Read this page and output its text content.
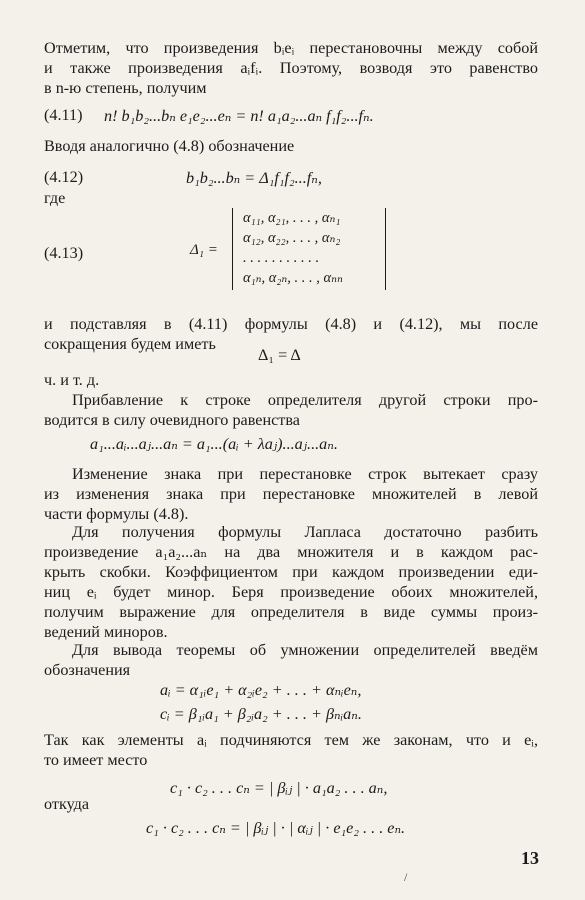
Отметим, что произведения bᵢeᵢ перестановочны между собой
и также произведения aᵢfᵢ. Поэтому, возводя это равенство
в n-ю степень, получим
(4.11) n! b₁b₂...bₙ e₁e₂...eₙ = n! a₁a₂...aₙ f₁f₂...fₙ.
Вводя аналогично (4.8) обозначение
(4.12)	b₁b₂...bₙ = Δ₁f₁f₂...fₙ,
где
(4.13)	Δ₁ =
α₁₁, α₂₁, . . . , αₙ₁
α₁₂, α₂₂, . . . , αₙ₂
. . . . . . . . . . .
α₁ₙ, α₂ₙ, . . . , αₙₙ
и подставляя в (4.11) формулы (4.8) и (4.12), мы после
сокращения будем иметь
Δ₁ = Δ
ч. и т. д.
Прибавление к строке определителя другой строки про-
водится в силу очевидного равенства
a₁...aᵢ...aⱼ...aₙ = a₁...(aᵢ + λaⱼ)...aⱼ...aₙ.
Изменение знака при перестановке строк вытекает сразу
из изменения знака при перестановке множителей в левой
части формулы (4.8).
Для получения формулы Лапласа достаточно разбить
произведение a₁a₂...aₙ на два множителя и в каждом рас-
крыть скобки. Коэффициентом при каждом произведении еди-
ниц eᵢ будет минор. Беря произведение обоих множителей,
получим выражение для определителя в виде суммы произ-
ведений миноров.
Для вывода теоремы об умножении определителей введём
обозначения
aᵢ = α₁ᵢe₁ + α₂ᵢe₂ + . . . + αₙᵢeₙ,
cᵢ = β₁ᵢa₁ + β₂ᵢa₂ + . . . + βₙᵢaₙ.
Так как элементы aᵢ подчиняются тем же законам, что и eᵢ,
то имеет место
c₁ · c₂ . . . cₙ = | βᵢⱼ | · a₁a₂ . . . aₙ,
откуда
c₁ · c₂ . . . cₙ = | βᵢⱼ | · | αᵢⱼ | · e₁e₂ . . . eₙ.
13
/
